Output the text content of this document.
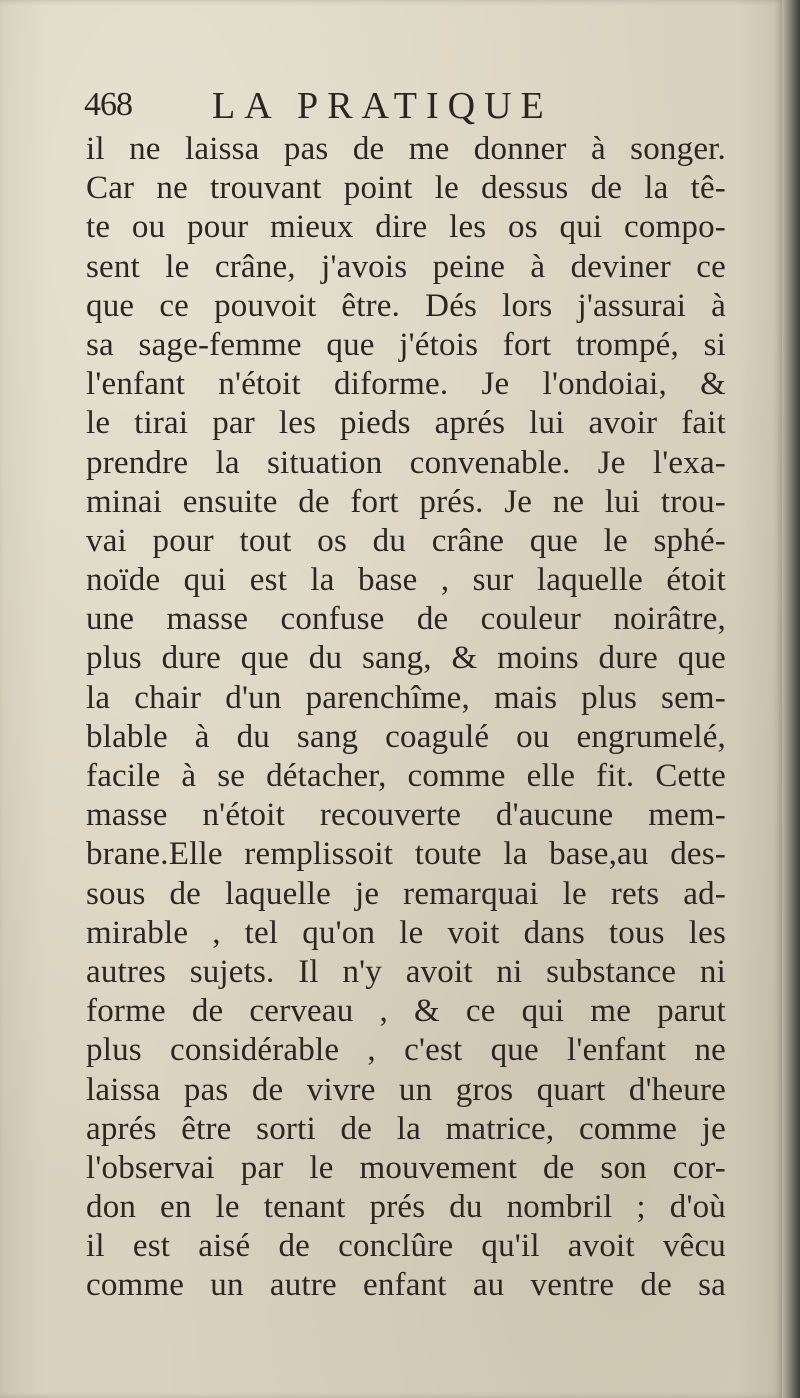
468 LA PRATIQUE
il ne laissa pas de me donner à songer.
Car ne trouvant point le dessus de la tê-
te ou pour mieux dire les os qui compo-
sent le crâne, j'avois peine à deviner ce
que ce pouvoit être. Dés lors j'assurai à
sa sage-femme que j'étois fort trompé, si
l'enfant n'étoit diforme. Je l'ondoiai, &
le tirai par les pieds aprés lui avoir fait
prendre la situation convenable. Je l'exa-
minai ensuite de fort prés. Je ne lui trou-
vai pour tout os du crâne que le sphé-
noïde qui est la base , sur laquelle étoit
une masse confuse de couleur noirâtre,
plus dure que du sang, & moins dure que
la chair d'un parenchîme, mais plus sem-
blable à du sang coagulé ou engrumelé,
facile à se détacher, comme elle fit. Cette
masse n'étoit recouverte d'aucune mem-
brane.Elle remplissoit toute la base,au des-
sous de laquelle je remarquai le rets ad-
mirable , tel qu'on le voit dans tous les
autres sujets. Il n'y avoit ni substance ni
forme de cerveau , & ce qui me parut
plus considérable , c'est que l'enfant ne
laissa pas de vivre un gros quart d'heure
aprés être sorti de la matrice, comme je
l'observai par le mouvement de son cor-
don en le tenant prés du nombril ; d'où
il est aisé de conclûre qu'il avoit vêcu
comme un autre enfant au ventre de sa
